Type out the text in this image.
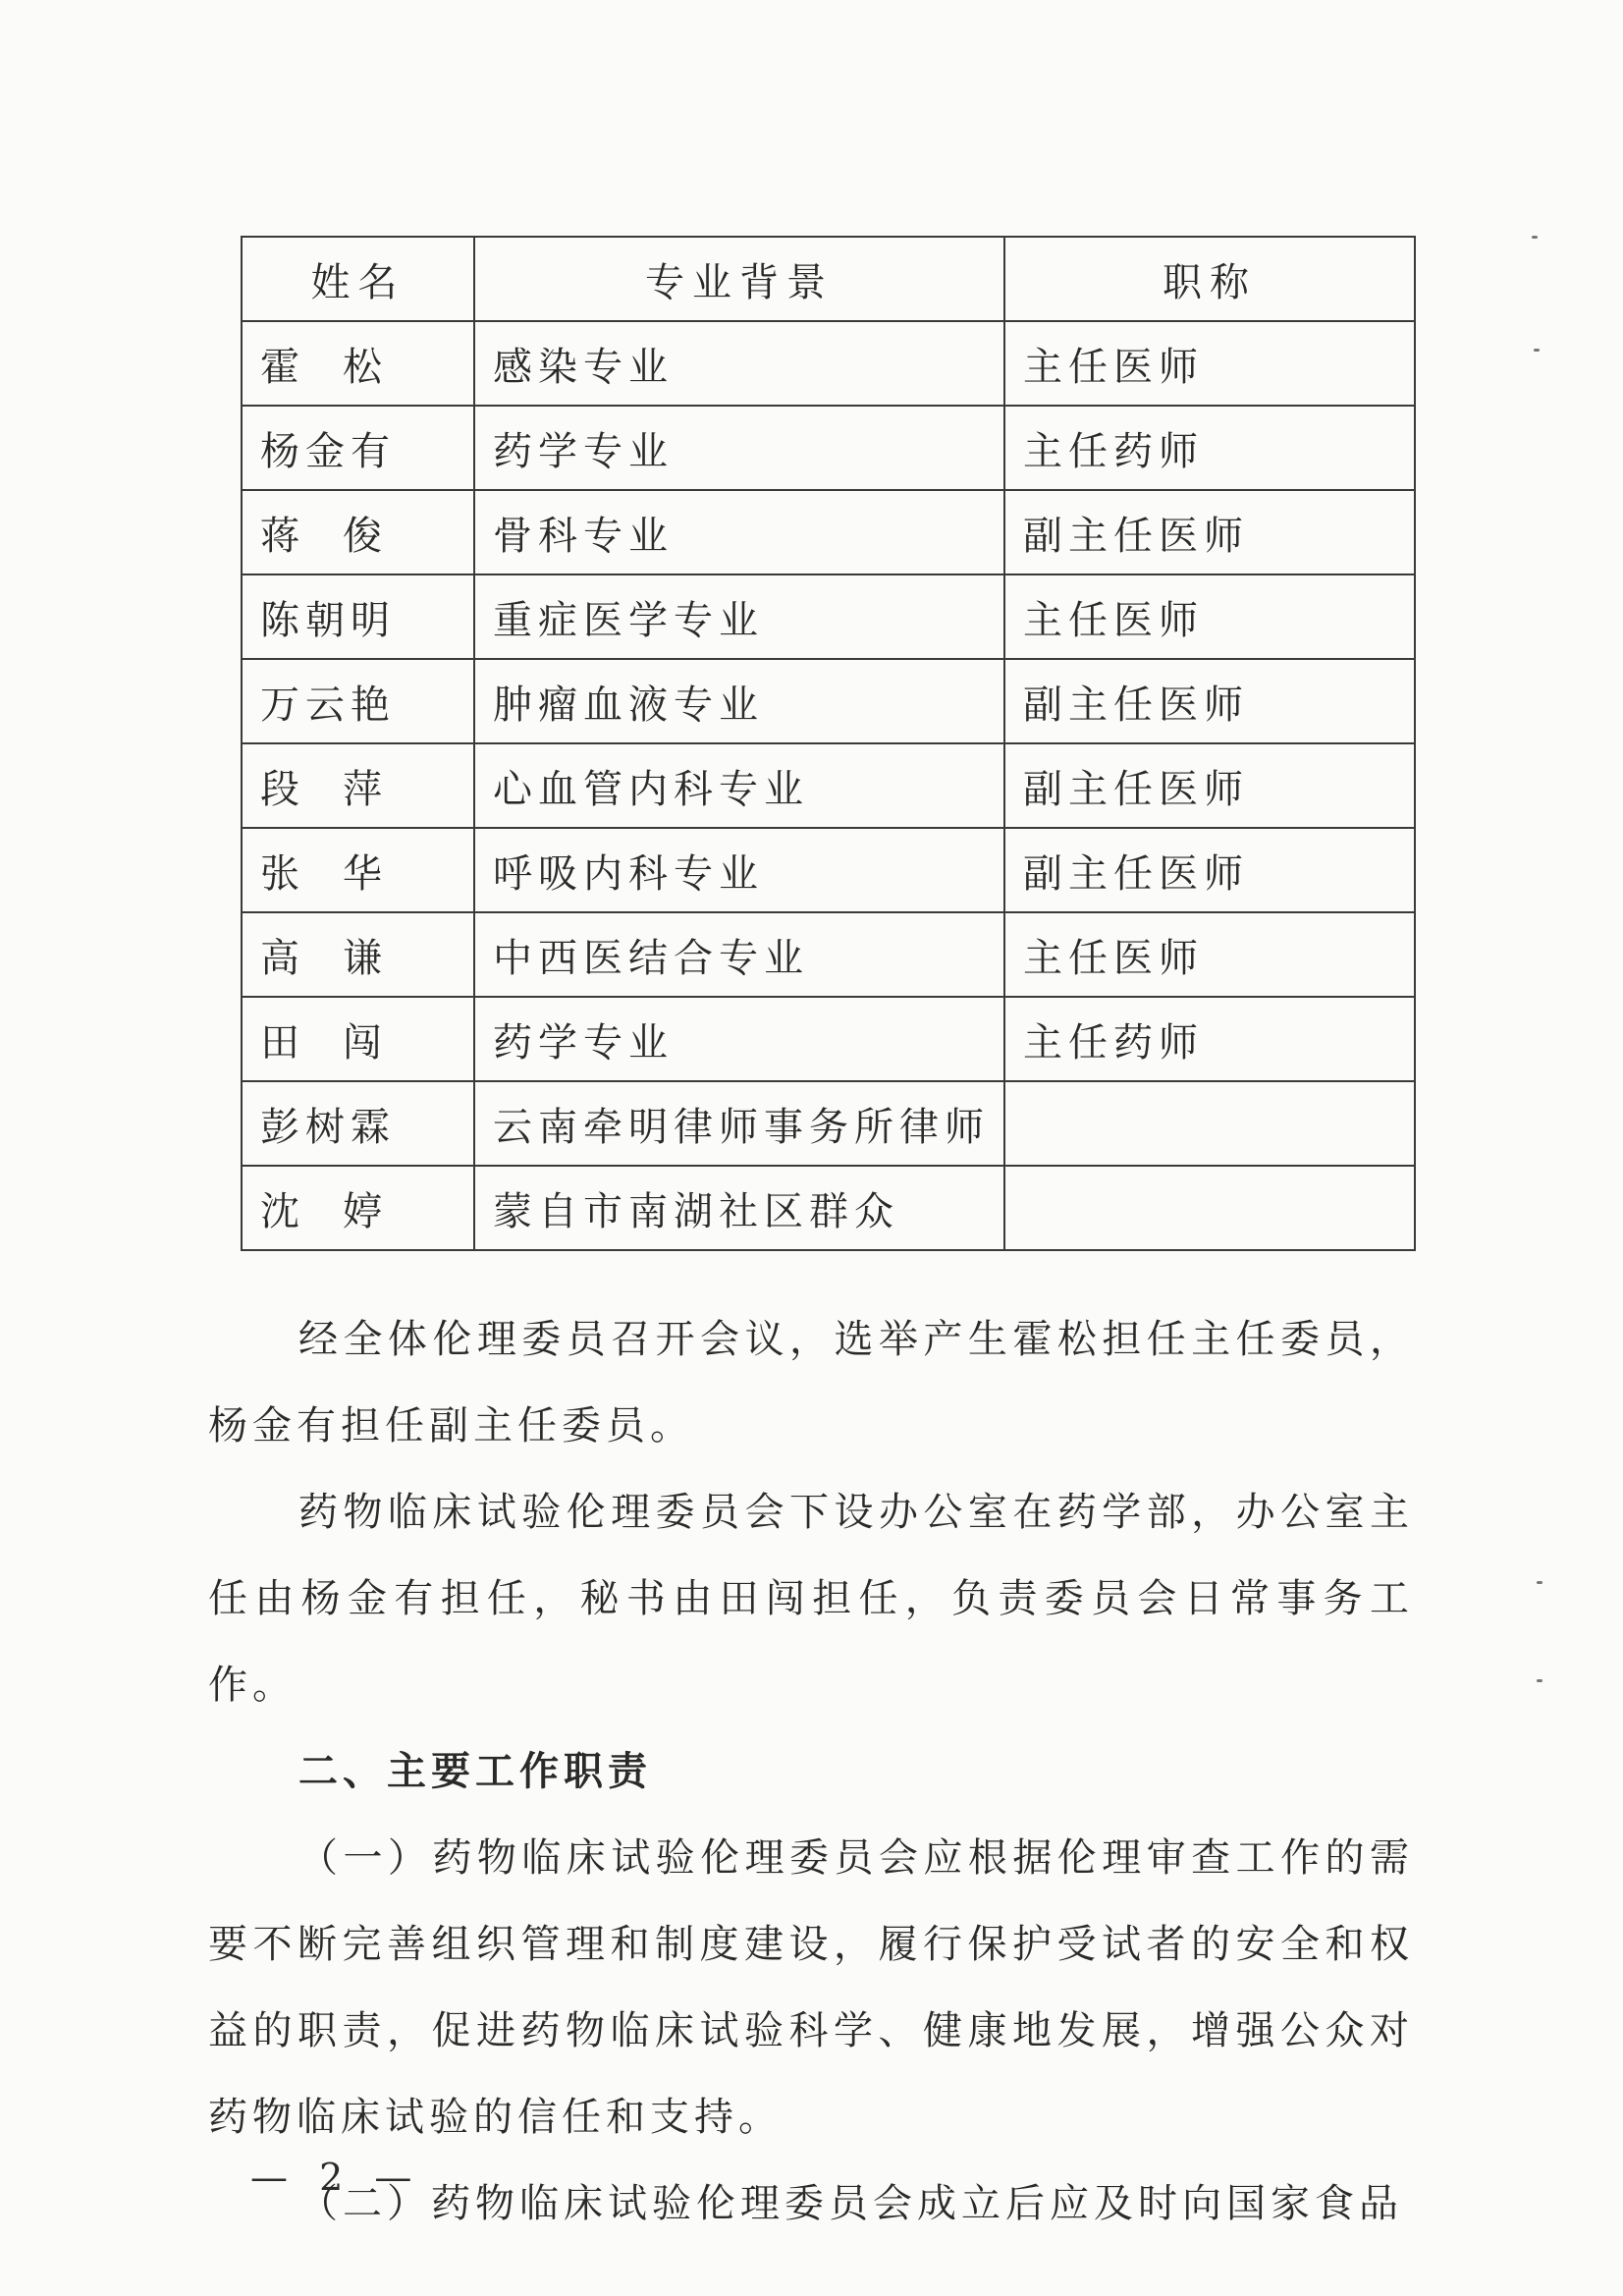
姓名	专业背景	职称
霍松	感染专业	主任医师
杨金有	药学专业	主任药师
蒋俊	骨科专业	副主任医师
陈朝明	重症医学专业	主任医师
万云艳	肿瘤血液专业	副主任医师
段萍	心血管内科专业	副主任医师
张华	呼吸内科专业	副主任医师
高谦	中西医结合专业	主任医师
田闯	药学专业	主任药师
彭树霖	云南牵明律师事务所律师	
沈婷	蒙自市南湖社区群众	

经全体伦理委员召开会议，选举产生霍松担任主任委员，杨金有担任副主任委员。

药物临床试验伦理委员会下设办公室在药学部，办公室主任由杨金有担任，秘书由田闯担任，负责委员会日常事务工作。

二、主要工作职责

（一）药物临床试验伦理委员会应根据伦理审查工作的需要不断完善组织管理和制度建设，履行保护受试者的安全和权益的职责，促进药物临床试验科学、健康地发展，增强公众对药物临床试验的信任和支持。

（二）药物临床试验伦理委员会成立后应及时向国家食品

— 2 —
